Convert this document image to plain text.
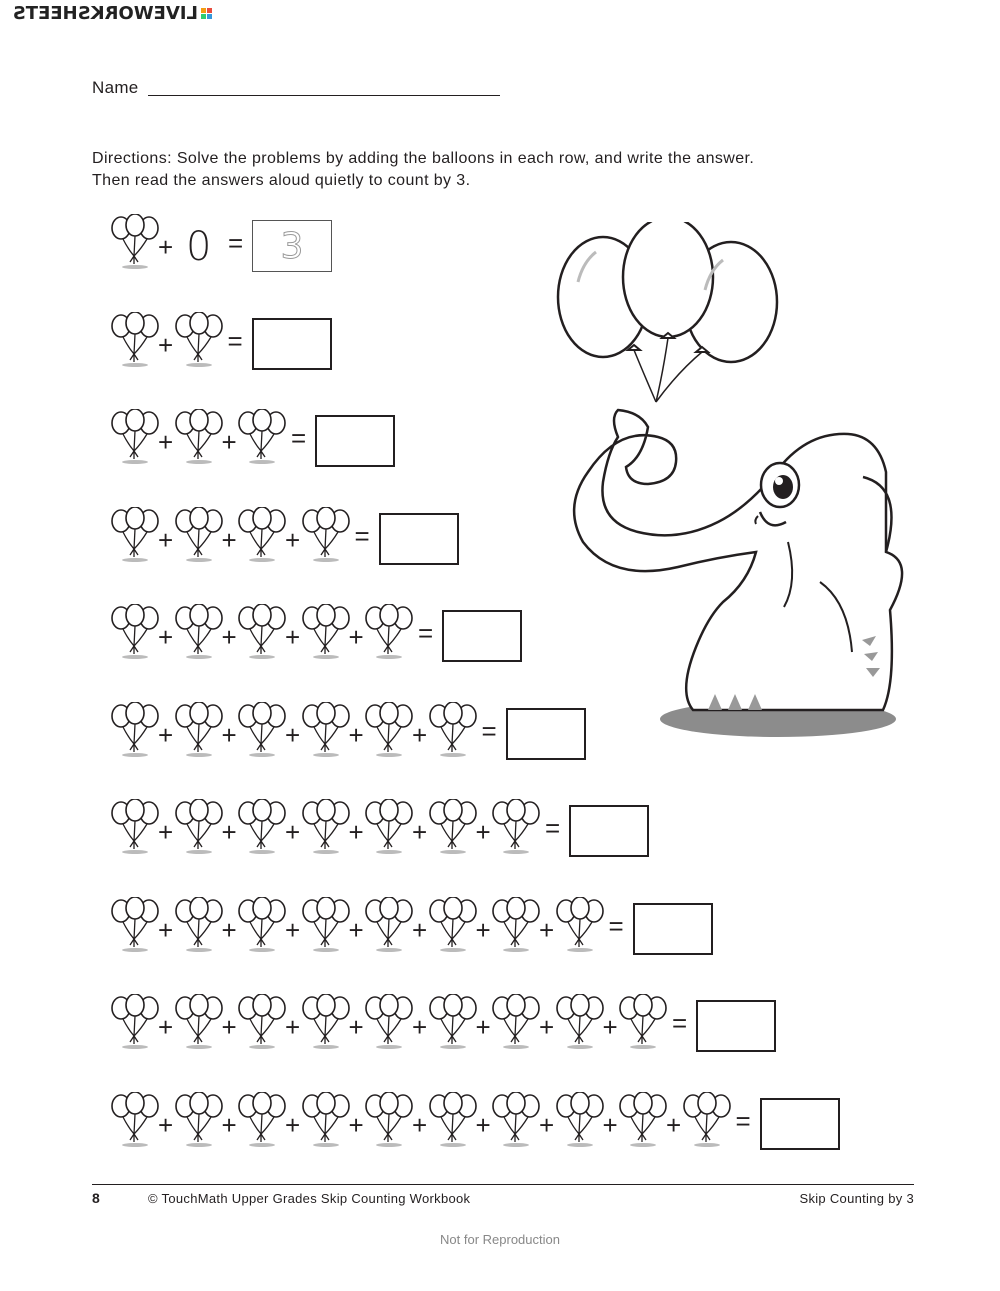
LIVEWORKSHEETS
Name
Directions: Solve the problems by adding the balloons in each row, and write the answer.
Then read the answers aloud quietly to count by 3.
+ 0 =	3
+ =
+ + =
+ + + =
+ + + + =
+ + + + + =
+ + + + + + =
+ + + + + + + =
+ + + + + + + + =
+ + + + + + + + + =
8	© TouchMath Upper Grades Skip Counting Workbook	Skip Counting by 3
Not for Reproduction
